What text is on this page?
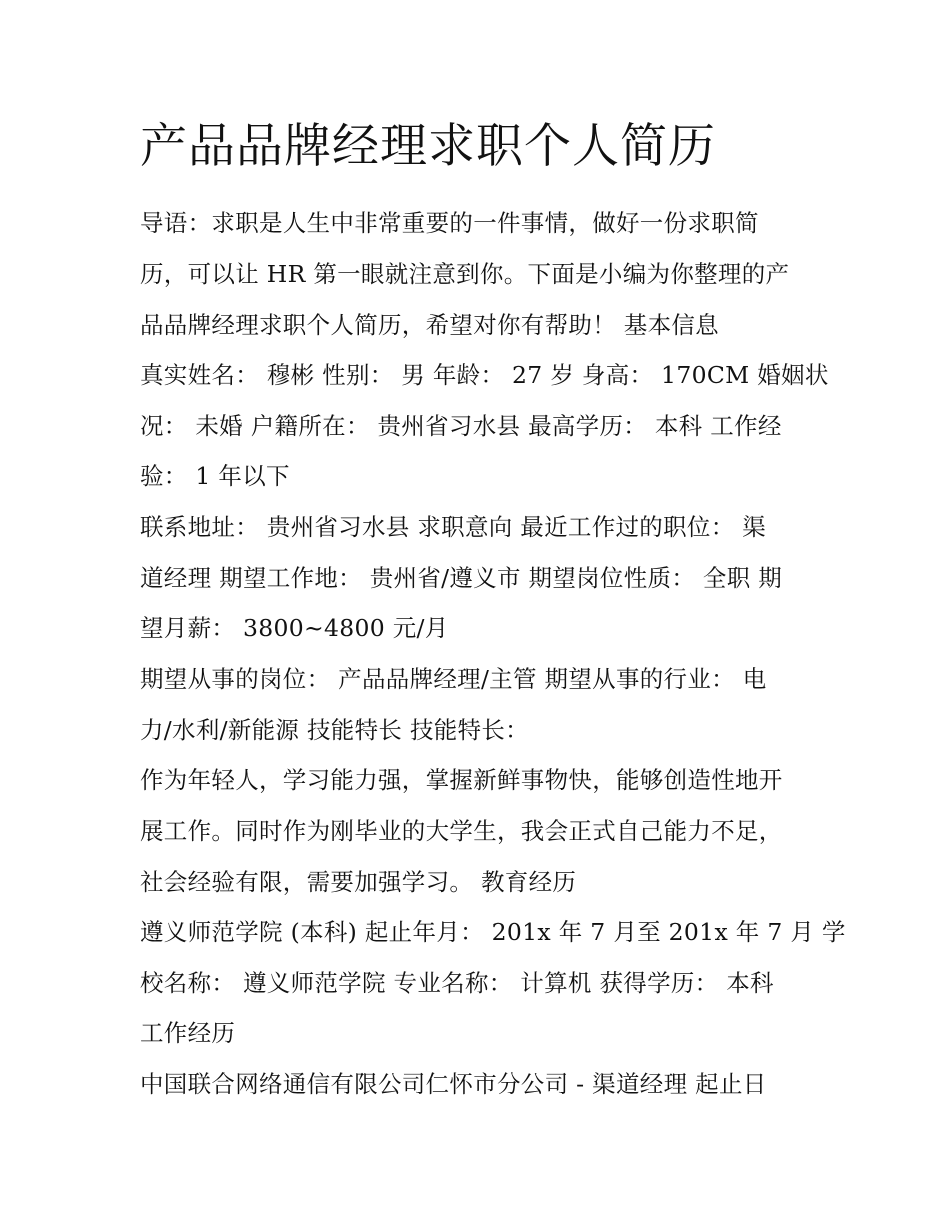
产品品牌经理求职个人简历

导语：求职是人生中非常重要的一件事情，做好一份求职简

历，可以让 HR 第一眼就注意到你。下面是小编为你整理的产

品品牌经理求职个人简历，希望对你有帮助！ 基本信息

真实姓名： 穆彬 性别： 男 年龄： 27 岁 身高： 170CM 婚姻状

况： 未婚 户籍所在： 贵州省习水县 最高学历： 本科 工作经

验： 1 年以下

联系地址： 贵州省习水县 求职意向 最近工作过的职位： 渠

道经理 期望工作地： 贵州省/遵义市 期望岗位性质： 全职 期

望月薪： 3800~4800 元/月

期望从事的岗位： 产品品牌经理/主管 期望从事的行业： 电

力/水利/新能源 技能特长 技能特长：

作为年轻人，学习能力强，掌握新鲜事物快，能够创造性地开

展工作。同时作为刚毕业的大学生，我会正式自己能力不足，

社会经验有限，需要加强学习。 教育经历

遵义师范学院 (本科) 起止年月： 201x 年 7 月至 201x 年 7 月 学

校名称： 遵义师范学院 专业名称： 计算机 获得学历： 本科

工作经历

中国联合网络通信有限公司仁怀市分公司 - 渠道经理 起止日
